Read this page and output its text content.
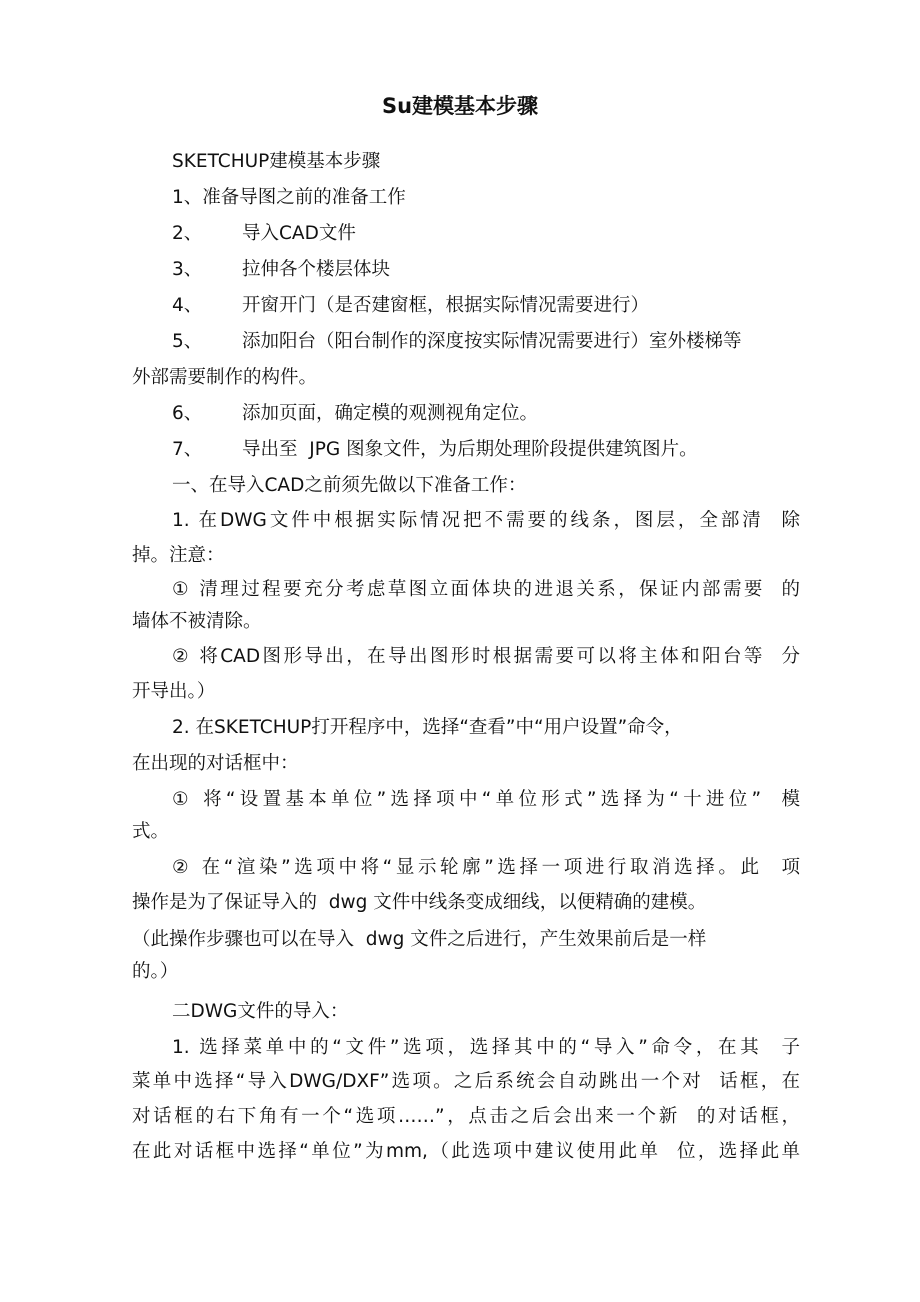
Su建模基本步骤
SKETCHUP建模基本步骤
1、准备导图之前的准备工作
2、 导入CAD文件
3、 拉伸各个楼层体块
4、 开窗开门（是否建窗框，根据实际情况需要进行）
5、 添加阳台（阳台制作的深度按实际情况需要进行）室外楼梯等
外部需要制作的构件。
6、 添加页面，确定模的观测视角定位。
7、 导出至  JPG 图象文件，为后期处理阶段提供建筑图片。
一、在导入CAD之前须先做以下准备工作：
1. 在DWG文件中根据实际情况把不需要的线条，图层，全部清  除
掉。注意：
① 清理过程要充分考虑草图立面体块的进退关系，保证内部需要  的
墙体不被清除。
② 将CAD图形导出，在导出图形时根据需要可以将主体和阳台等  分
开导出。）
2. 在SKETCHUP打开程序中，选择“查看”中“用户设置”命令，
在出现的对话框中：
① 将“设置基本单位”选择项中“单位形式”选择为“十进位”  模
式。
② 在“渲染”选项中将“显示轮廓”选择一项进行取消选择。此  项
操作是为了保证导入的  dwg 文件中线条变成细线，以便精确的建模。
（此操作步骤也可以在导入  dwg 文件之后进行，产生效果前后是一样
的。）
二DWG文件的导入：
1. 选择菜单中的“文件”选项，选择其中的“导入”命令，在其  子
菜单中选择“导入DWG/DXF”选项。之后系统会自动跳出一个对  话框，在
对话框的右下角有一个“选项……”，点击之后会出来一个新  的对话框，
在此对话框中选择“单位”为mm,（此选项中建议使用此单  位，选择此单
